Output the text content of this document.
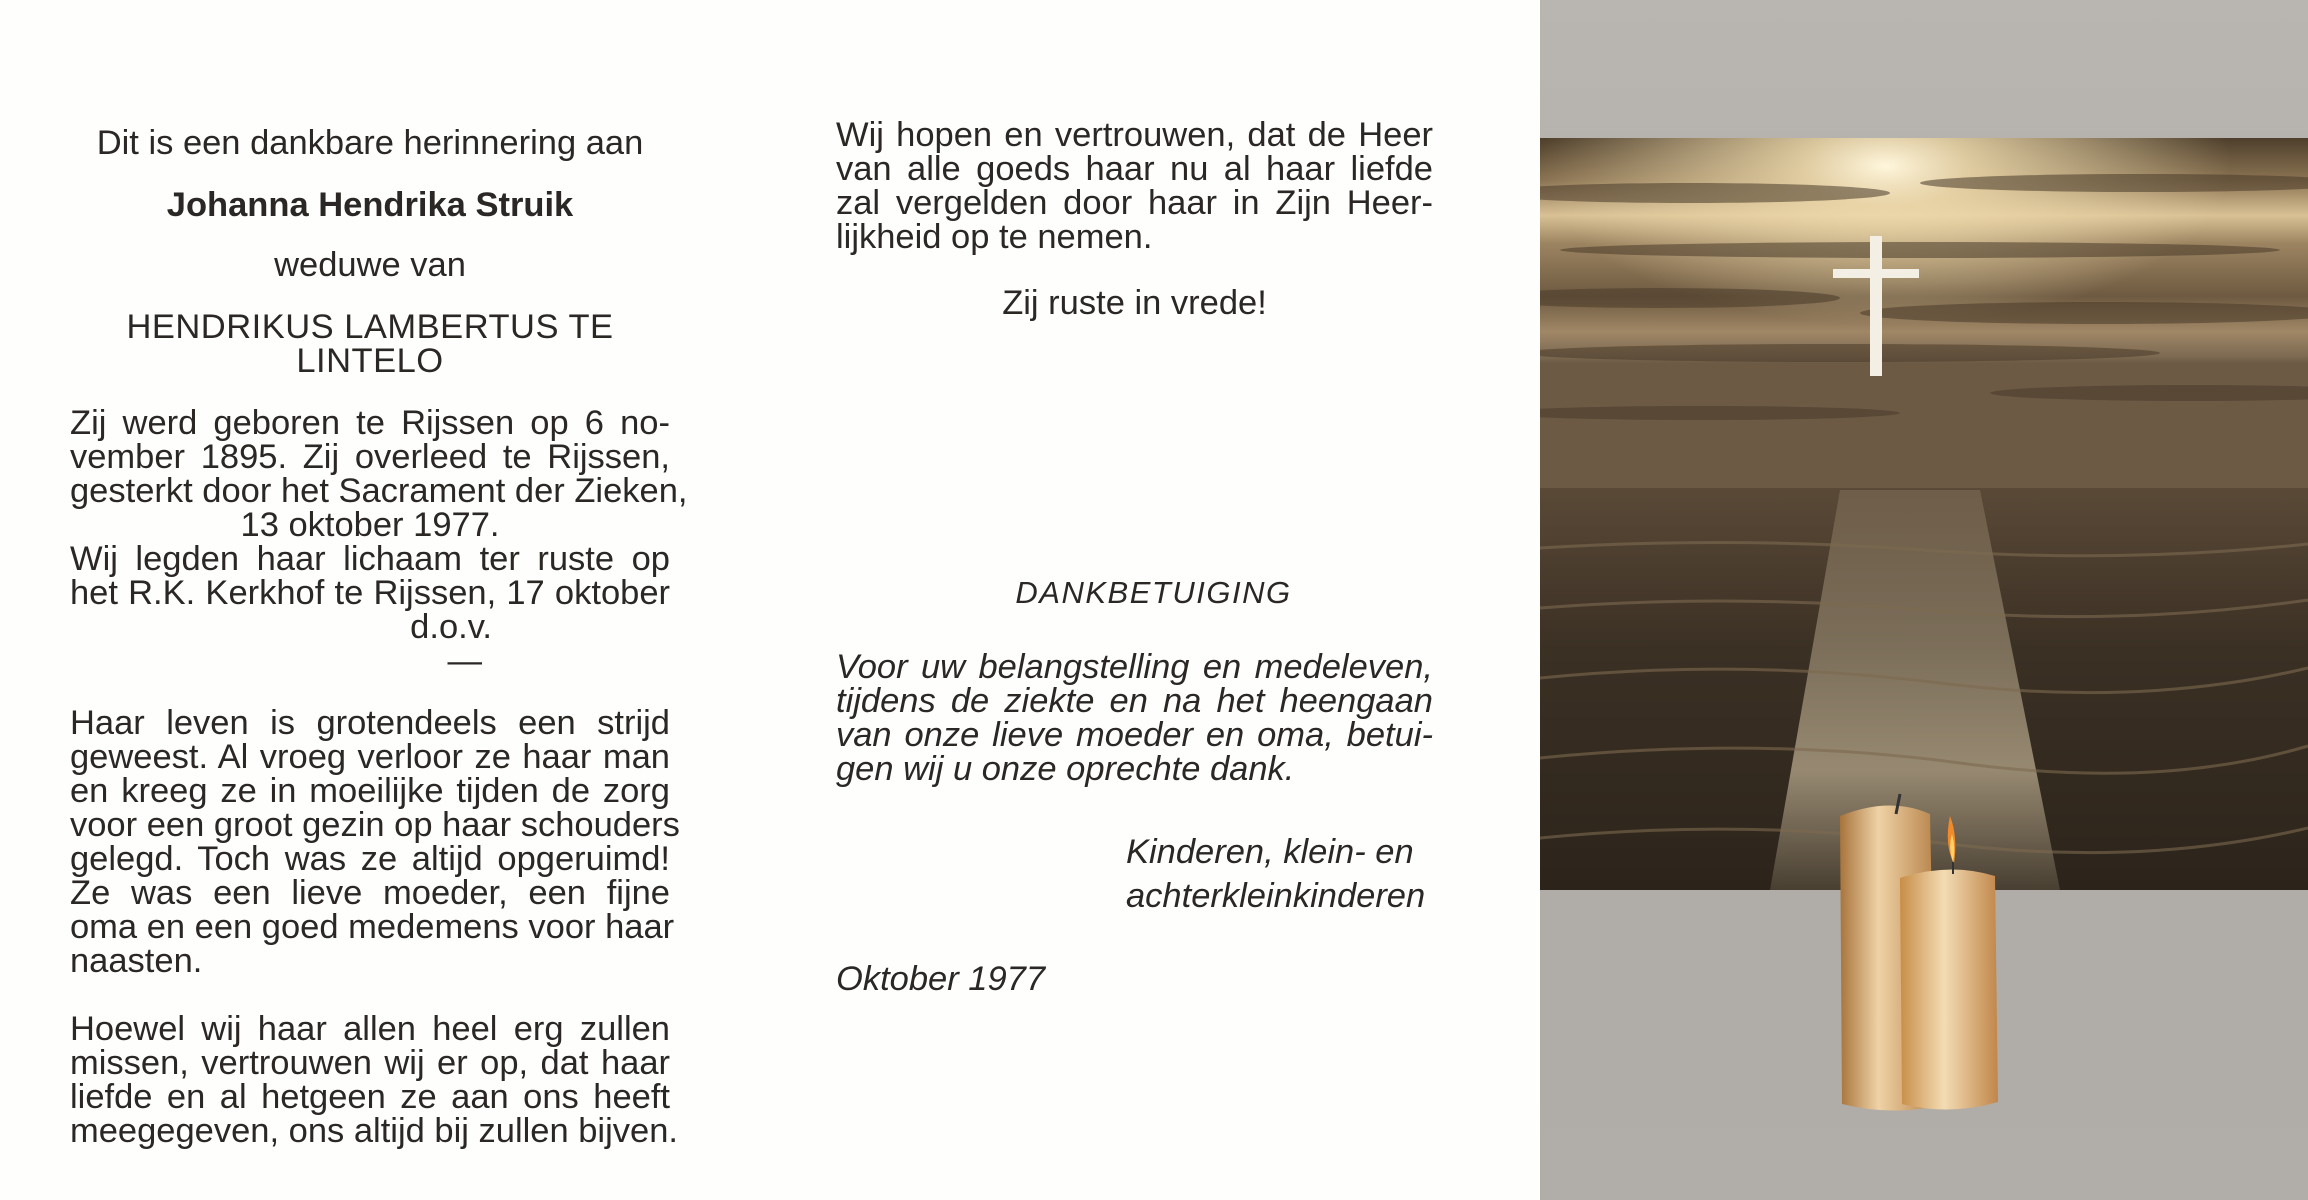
Dit is een dankbare herinnering aan
Johanna Hendrika Struik
weduwe van
HENDRIKUS LAMBERTUS TE LINTELO
Zij werd geboren te Rijssen op 6 no-
vember 1895. Zij overleed te Rijssen,
gesterkt door het Sacrament der Zieken,
13 oktober 1977.
Wij legden haar lichaam ter ruste op
het R.K. Kerkhof te Rijssen, 17 oktober
d.o.v.
—
Haar leven is grotendeels een strijd
geweest. Al vroeg verloor ze haar man
en kreeg ze in moeilijke tijden de zorg
voor een groot gezin op haar schouders
gelegd. Toch was ze altijd opgeruimd!
Ze was een lieve moeder, een fijne
oma en een goed medemens voor haar
naasten.
Hoewel wij haar allen heel erg zullen
missen, vertrouwen wij er op, dat haar
liefde en al hetgeen ze aan ons heeft
meegegeven, ons altijd bij zullen bijven.
Wij hopen en vertrouwen, dat de Heer
van alle goeds haar nu al haar liefde
zal vergelden door haar in Zijn Heer-
lijkheid op te nemen.
Zij ruste in vrede!
DANKBETUIGING
Voor uw belangstelling en medeleven,
tijdens de ziekte en na het heengaan
van onze lieve moeder en oma, betui-
gen wij u onze oprechte dank.
Kinderen, klein- en
achterkleinkinderen
Oktober 1977
